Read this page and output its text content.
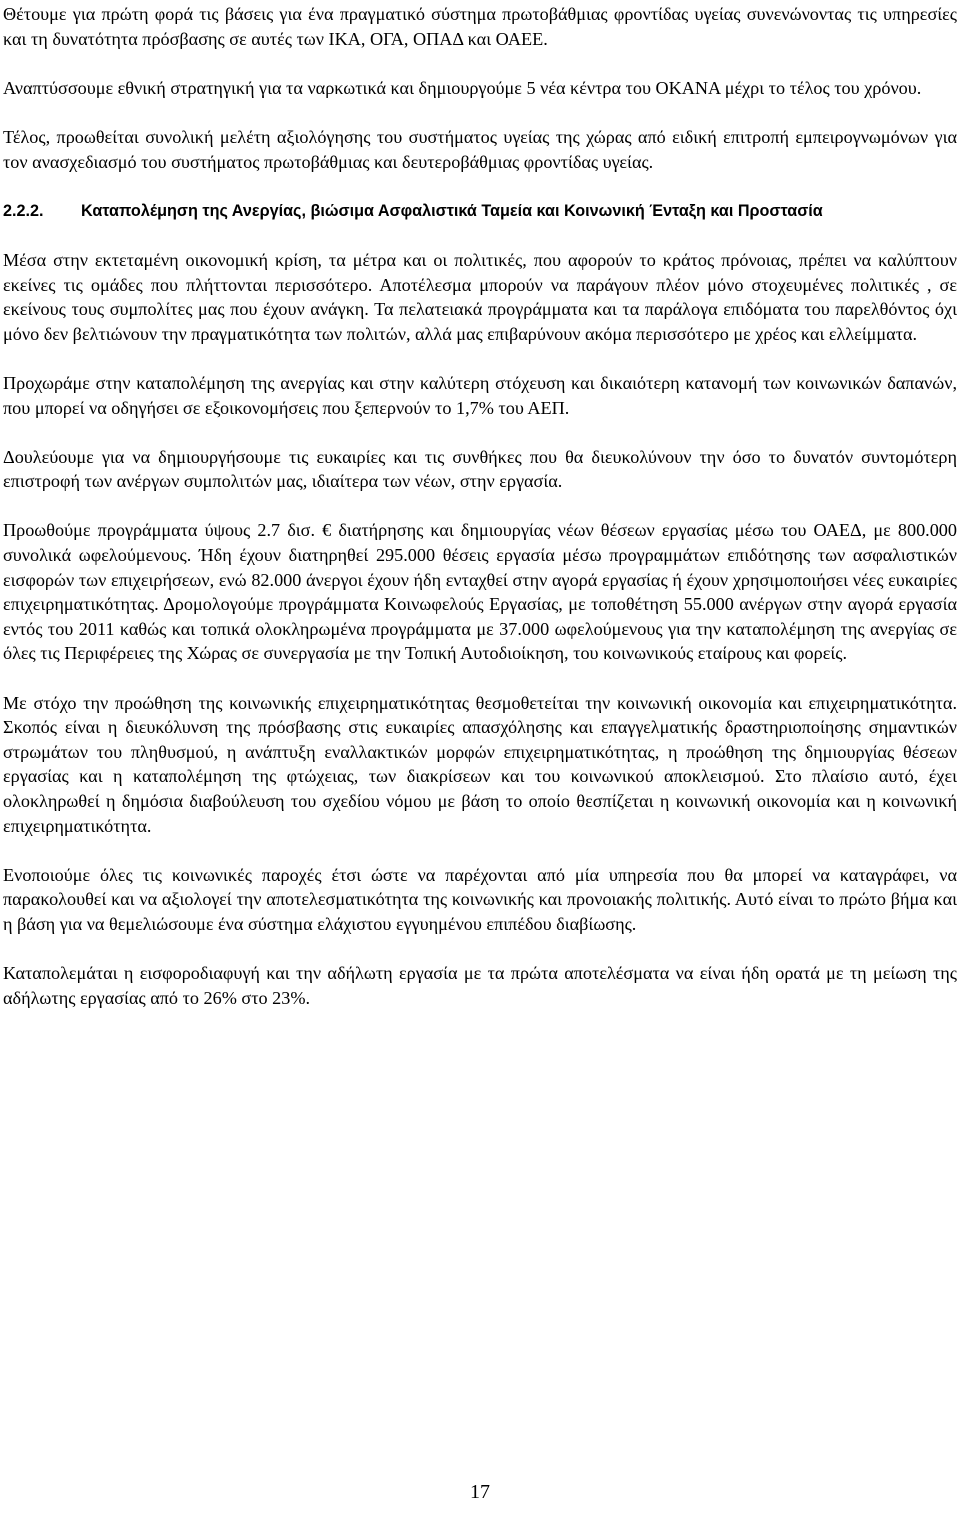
Θέτουμε για πρώτη φορά τις βάσεις για ένα πραγματικό σύστημα πρωτοβάθμιας φροντίδας υγείας συνενώνοντας τις υπηρεσίες και τη δυνατότητα πρόσβασης σε αυτές των ΙΚΑ, ΟΓΑ, ΟΠΑΔ και ΟΑΕΕ.

Αναπτύσσουμε εθνική στρατηγική για τα ναρκωτικά και δημιουργούμε 5 νέα κέντρα του ΟΚΑΝΑ μέχρι το τέλος του χρόνου.

Τέλος, προωθείται συνολική μελέτη αξιολόγησης του συστήματος υγείας της χώρας από ειδική επιτροπή εμπειρογνωμόνων για τον ανασχεδιασμό του συστήματος πρωτοβάθμιας και δευτεροβάθμιας φροντίδας υγείας.

2.2.2. Καταπολέμηση της Ανεργίας, βιώσιμα Ασφαλιστικά Ταμεία και Κοινωνική Ένταξη και Προστασία

Μέσα στην εκτεταμένη οικονομική κρίση, τα μέτρα και οι πολιτικές, που αφορούν το κράτος πρόνοιας, πρέπει να καλύπτουν εκείνες τις ομάδες που πλήττονται περισσότερο. Αποτέλεσμα μπορούν να παράγουν πλέον μόνο στοχευμένες πολιτικές , σε εκείνους τους συμπολίτες μας που έχουν ανάγκη. Τα πελατειακά προγράμματα και τα παράλογα επιδόματα του παρελθόντος όχι μόνο δεν βελτιώνουν την πραγματικότητα των πολιτών, αλλά μας επιβαρύνουν ακόμα περισσότερο με χρέος και ελλείμματα.

Προχωράμε στην καταπολέμηση της ανεργίας και στην καλύτερη στόχευση και δικαιότερη κατανομή των κοινωνικών δαπανών, που μπορεί να οδηγήσει σε εξοικονομήσεις που ξεπερνούν το 1,7% του ΑΕΠ.

Δουλεύουμε για να δημιουργήσουμε τις ευκαιρίες και τις συνθήκες που θα διευκολύνουν την όσο το δυνατόν συντομότερη επιστροφή των ανέργων συμπολιτών μας, ιδιαίτερα των νέων, στην εργασία.

Προωθούμε προγράμματα ύψους 2.7 δισ. € διατήρησης και δημιουργίας νέων θέσεων εργασίας μέσω του ΟΑΕΔ, με 800.000 συνολικά ωφελούμενους. Ήδη έχουν διατηρηθεί 295.000 θέσεις εργασία μέσω προγραμμάτων επιδότησης των ασφαλιστικών εισφορών των επιχειρήσεων, ενώ 82.000 άνεργοι έχουν ήδη ενταχθεί στην αγορά εργασίας ή έχουν χρησιμοποιήσει νέες ευκαιρίες επιχειρηματικότητας. Δρομολογούμε προγράμματα Κοινωφελούς Εργασίας, με τοποθέτηση 55.000 ανέργων στην αγορά εργασία εντός του 2011 καθώς και τοπικά ολοκληρωμένα προγράμματα με 37.000 ωφελούμενους για την καταπολέμηση της ανεργίας σε όλες τις Περιφέρειες της Χώρας σε συνεργασία με την Τοπική Αυτοδιοίκηση, του κοινωνικούς εταίρους και φορείς.

Με στόχο την προώθηση της κοινωνικής επιχειρηματικότητας θεσμοθετείται την κοινωνική οικονομία και επιχειρηματικότητα. Σκοπός είναι η διευκόλυνση της πρόσβασης στις ευκαιρίες απασχόλησης και επαγγελματικής δραστηριοποίησης σημαντικών στρωμάτων του πληθυσμού, η ανάπτυξη εναλλακτικών μορφών επιχειρηματικότητας, η προώθηση της δημιουργίας θέσεων εργασίας και η καταπολέμηση της φτώχειας, των διακρίσεων και του κοινωνικού αποκλεισμού. Στο πλαίσιο αυτό, έχει ολοκληρωθεί η δημόσια διαβούλευση του σχεδίου νόμου με βάση το οποίο θεσπίζεται η κοινωνική οικονομία και η κοινωνική επιχειρηματικότητα.

Ενοποιούμε όλες τις κοινωνικές παροχές έτσι ώστε να παρέχονται από μία υπηρεσία που θα μπορεί να καταγράφει, να παρακολουθεί και να αξιολογεί την αποτελεσματικότητα της κοινωνικής και προνοιακής πολιτικής. Αυτό είναι το πρώτο βήμα και η βάση για να θεμελιώσουμε ένα σύστημα ελάχιστου εγγυημένου επιπέδου διαβίωσης.

Καταπολεμάται η εισφοροδιαφυγή και την αδήλωτη εργασία με τα πρώτα αποτελέσματα να είναι ήδη ορατά με τη μείωση της αδήλωτης εργασίας από το 26% στο 23%.

17
